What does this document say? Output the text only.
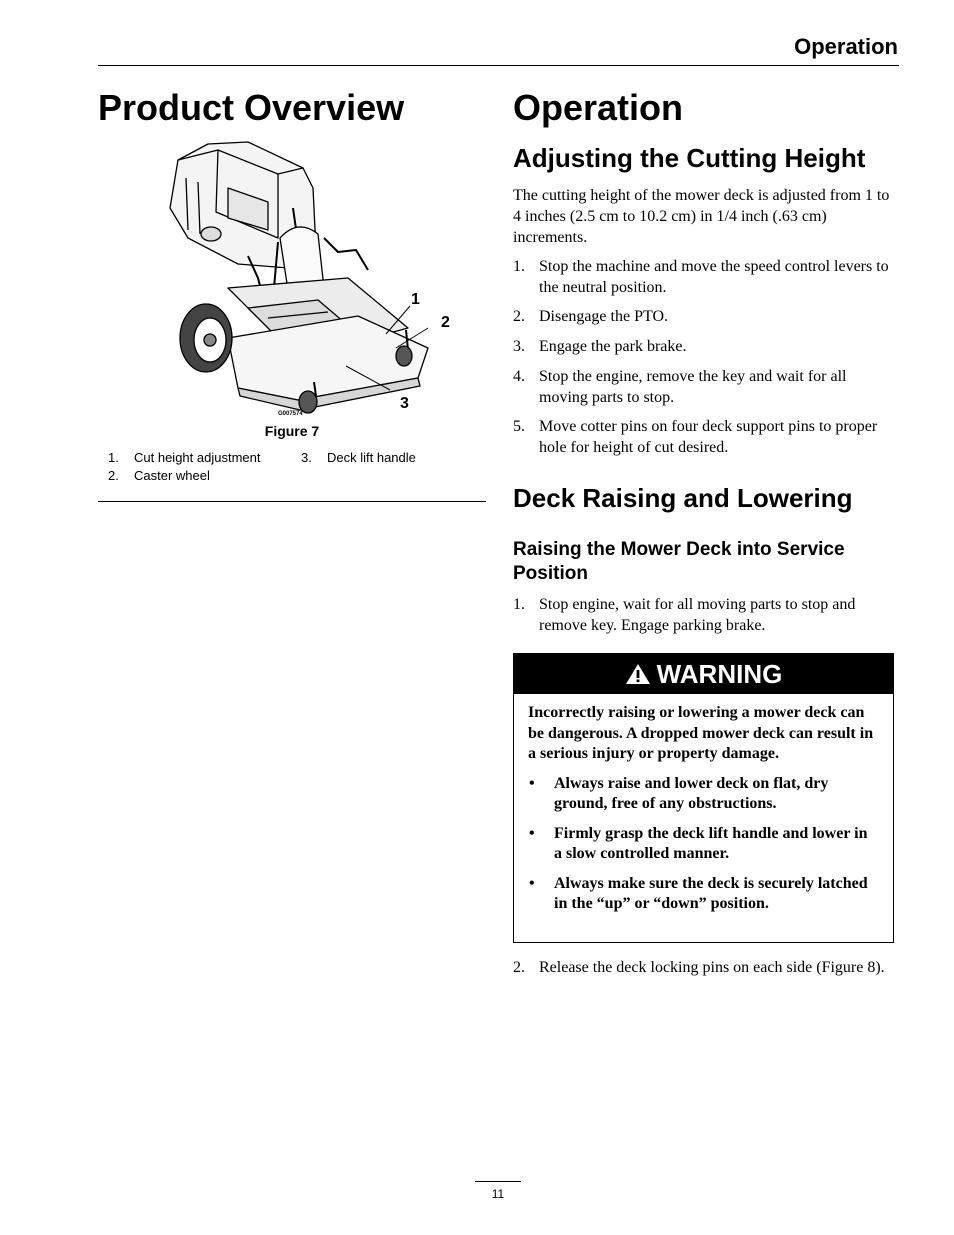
Operation
Product Overview
1
2
3
G007574
Figure 7
1. Cut height adjustment
2. Caster wheel
3. Deck lift handle
Operation
Adjusting the Cutting Height

The cutting height of the mower deck is adjusted from 1 to 4 inches (2.5 cm to 10.2 cm) in 1/4 inch (.63 cm) increments.

1. Stop the machine and move the speed control levers to the neutral position.
2. Disengage the PTO.
3. Engage the park brake.
4. Stop the engine, remove the key and wait for all moving parts to stop.
5. Move cotter pins on four deck support pins to proper hole for height of cut desired.
Deck Raising and Lowering
Raising the Mower Deck into Service Position
1. Stop engine, wait for all moving parts to stop and remove key. Engage parking brake.
WARNING

Incorrectly raising or lowering a mower deck can be dangerous. A dropped mower deck can result in a serious injury or property damage.

• Always raise and lower deck on flat, dry ground, free of any obstructions.
• Firmly grasp the deck lift handle and lower in a slow controlled manner.
• Always make sure the deck is securely latched in the “up” or “down” position.
2. Release the deck locking pins on each side (Figure 8).
11
